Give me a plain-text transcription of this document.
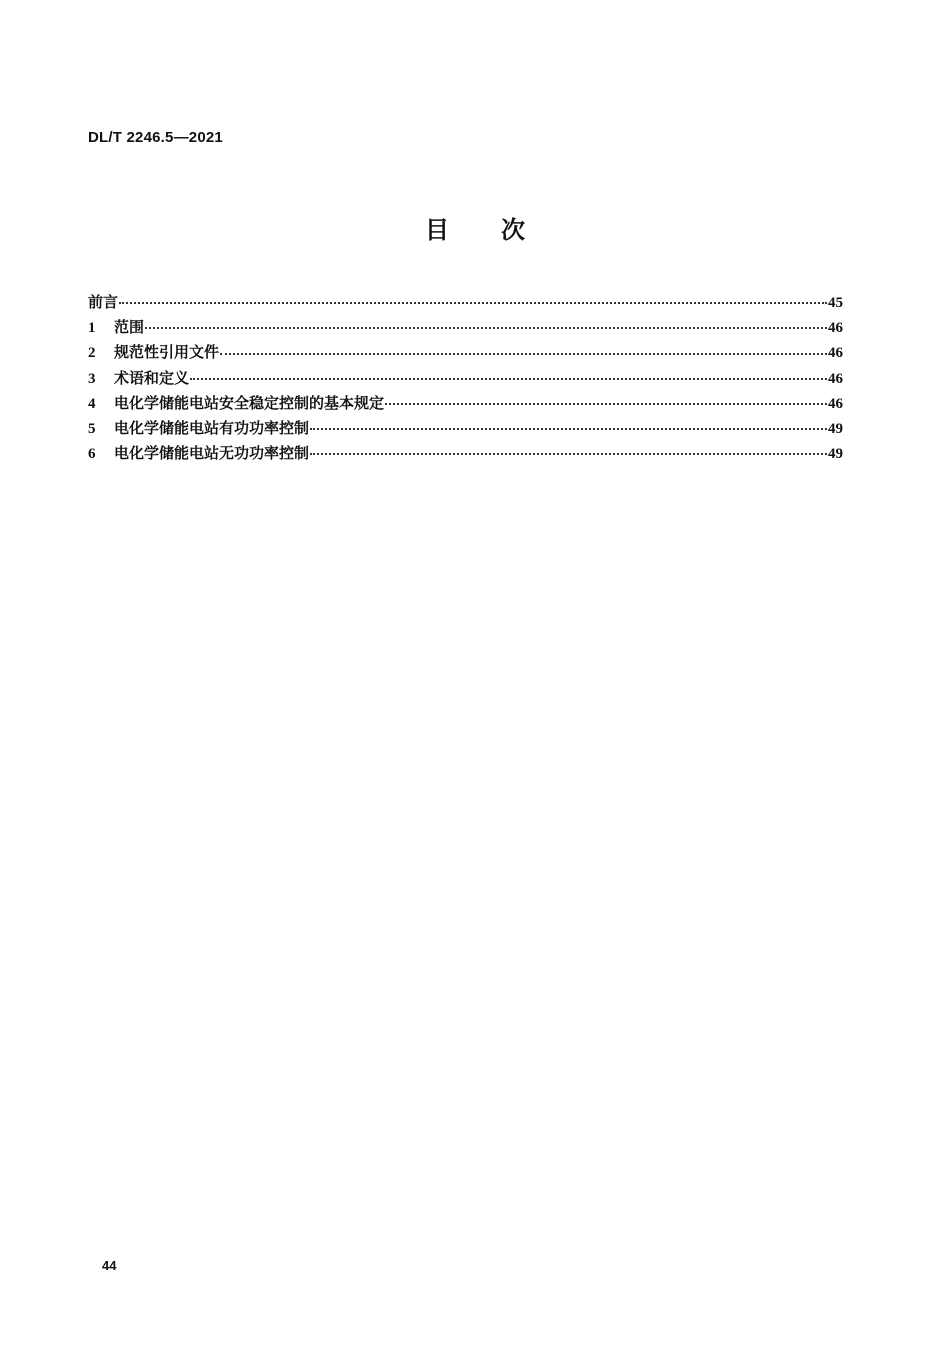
DL/T 2246.5—2021
目 次
前言	45
1	范围	46
2	规范性引用文件	46
3	术语和定义	46
4	电化学储能电站安全稳定控制的基本规定	46
5	电化学储能电站有功功率控制	49
6	电化学储能电站无功功率控制	49
44
